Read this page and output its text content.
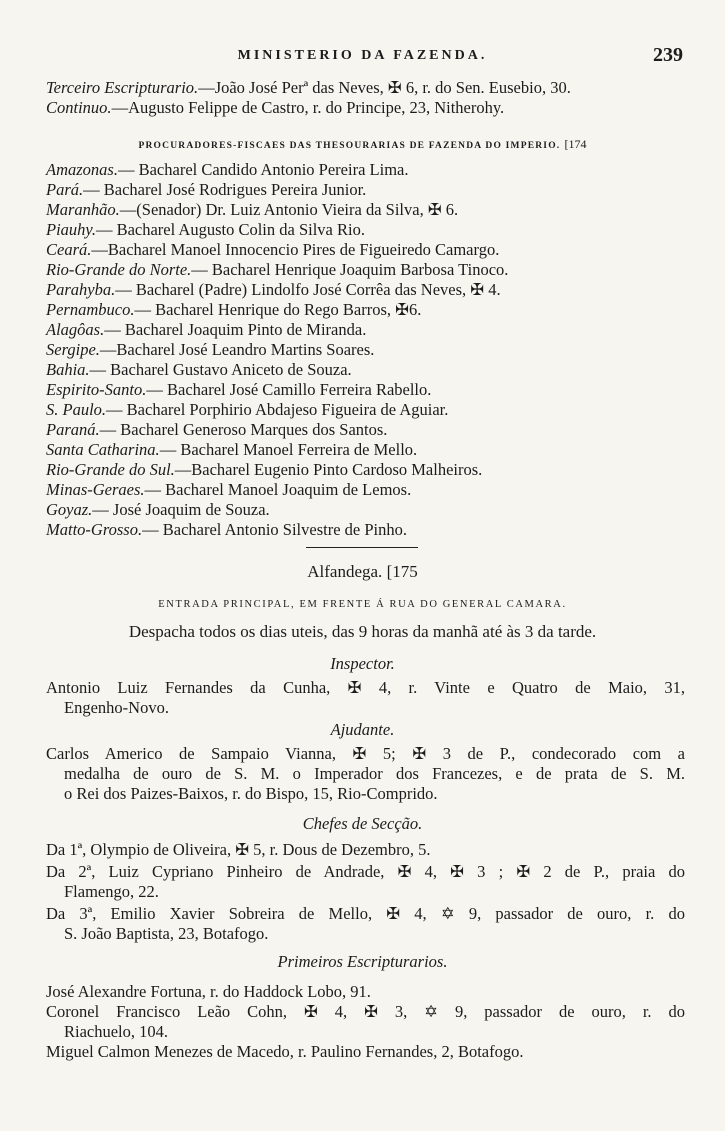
MINISTERIO DA FAZENDA.	239
Terceiro Escripturario.—João José Perª das Neves, ✠ 6, r. do Sen. Eusebio, 30.
Continuo.—Augusto Felippe de Castro, r. do Principe, 23, Nitherohy.
PROCURADORES-FISCAES DAS THESOURARIAS DE FAZENDA DO IMPERIO. [174
Amazonas.— Bacharel Candido Antonio Pereira Lima.
Pará.— Bacharel José Rodrigues Pereira Junior.
Maranhão.—(Senador) Dr. Luiz Antonio Vieira da Silva, ✠ 6.
Piauhy.— Bacharel Augusto Colin da Silva Rio.
Ceará.—Bacharel Manoel Innocencio Pires de Figueiredo Camargo.
Rio-Grande do Norte.— Bacharel Henrique Joaquim Barbosa Tinoco.
Parahyba.— Bacharel (Padre) Lindolfo José Corrêa das Neves, ✠ 4.
Pernambuco.— Bacharel Henrique do Rego Barros, ✠6.
Alagôas.— Bacharel Joaquim Pinto de Miranda.
Sergipe.—Bacharel José Leandro Martins Soares.
Bahia.— Bacharel Gustavo Aniceto de Souza.
Espirito-Santo.— Bacharel José Camillo Ferreira Rabello.
S. Paulo.— Bacharel Porphirio Abdajeso Figueira de Aguiar.
Paraná.— Bacharel Generoso Marques dos Santos.
Santa Catharina.— Bacharel Manoel Ferreira de Mello.
Rio-Grande do Sul.—Bacharel Eugenio Pinto Cardoso Malheiros.
Minas-Geraes.— Bacharel Manoel Joaquim de Lemos.
Goyaz.— José Joaquim de Souza.
Matto-Grosso.— Bacharel Antonio Silvestre de Pinho.
Alfandega. [175
ENTRADA PRINCIPAL, EM FRENTE Á RUA DO GENERAL CAMARA.
Despacha todos os dias uteis, das 9 horas da manhã até às 3 da tarde.
Inspector.
Antonio Luiz Fernandes da Cunha, ✠ 4, r. Vinte e Quatro de Maio, 31,
Engenho-Novo.
Ajudante.
Carlos Americo de Sampaio Vianna, ✠ 5; ✠ 3 de P., condecorado com a
medalha de ouro de S. M. o Imperador dos Francezes, e de prata de S. M.
o Rei dos Paizes-Baixos, r. do Bispo, 15, Rio-Comprido.
Chefes de Secção.
Da 1ª, Olympio de Oliveira, ✠ 5, r. Dous de Dezembro, 5.
Da 2ª, Luiz Cypriano Pinheiro de Andrade, ✠ 4, ✠ 3 ; ✠ 2 de P., praia do
Flamengo, 22.
Da 3ª, Emilio Xavier Sobreira de Mello, ✠ 4, ✡ 9, passador de ouro, r. do
S. João Baptista, 23, Botafogo.
Primeiros Escripturarios.
José Alexandre Fortuna, r. do Haddock Lobo, 91.
Coronel Francisco Leão Cohn, ✠ 4, ✠ 3, ✡ 9, passador de ouro, r. do
Riachuelo, 104.
Miguel Calmon Menezes de Macedo, r. Paulino Fernandes, 2, Botafogo.
